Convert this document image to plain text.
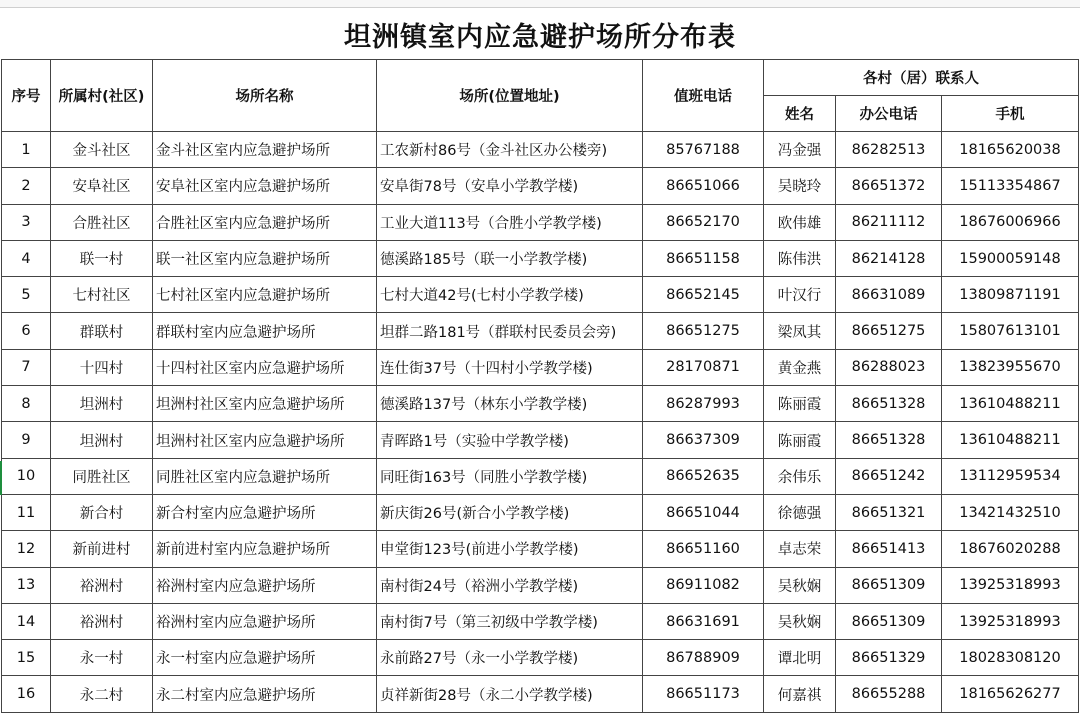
坦洲镇室内应急避护场所分布表
序号	所属村(社区)	场所名称	场所(位置地址)	值班电话	各村（居）联系人		
					姓名	办公电话	手机
1	金斗社区	金斗社区室内应急避护场所	工农新村86号（金斗社区办公楼旁)	85767188	冯金强	86282513	18165620038
2	安阜社区	安阜社区室内应急避护场所	安阜街78号（安阜小学教学楼)	86651066	吴晓玲	86651372	15113354867
3	合胜社区	合胜社区室内应急避护场所	工业大道113号（合胜小学教学楼)	86652170	欧伟雄	86211112	18676006966
4	联一村	联一社区室内应急避护场所	德溪路185号（联一小学教学楼)	86651158	陈伟洪	86214128	15900059148
5	七村社区	七村社区室内应急避护场所	七村大道42号(七村小学教学楼)	86652145	叶汉行	86631089	13809871191
6	群联村	群联村室内应急避护场所	坦群二路181号（群联村民委员会旁)	86651275	梁凤其	86651275	15807613101
7	十四村	十四村社区室内应急避护场所	连仕街37号（十四村小学教学楼)	28170871	黄金燕	86288023	13823955670
8	坦洲村	坦洲村社区室内应急避护场所	德溪路137号（林东小学教学楼)	86287993	陈丽霞	86651328	13610488211
9	坦洲村	坦洲村社区室内应急避护场所	青晖路1号（实验中学教学楼)	86637309	陈丽霞	86651328	13610488211
10	同胜社区	同胜社区室内应急避护场所	同旺街163号（同胜小学教学楼)	86652635	余伟乐	86651242	13112959534
11	新合村	新合村室内应急避护场所	新庆街26号(新合小学教学楼)	86651044	徐德强	86651321	13421432510
12	新前进村	新前进村室内应急避护场所	申堂街123号(前进小学教学楼)	86651160	卓志荣	86651413	18676020288
13	裕洲村	裕洲村室内应急避护场所	南村街24号（裕洲小学教学楼)	86911082	吴秋娴	86651309	13925318993
14	裕洲村	裕洲村室内应急避护场所	南村街7号（第三初级中学教学楼)	86631691	吴秋娴	86651309	13925318993
15	永一村	永一村室内应急避护场所	永前路27号（永一小学教学楼)	86788909	谭北明	86651329	18028308120
16	永二村	永二村室内应急避护场所	贞祥新街28号（永二小学教学楼)	86651173	何嘉祺	86655288	18165626277
